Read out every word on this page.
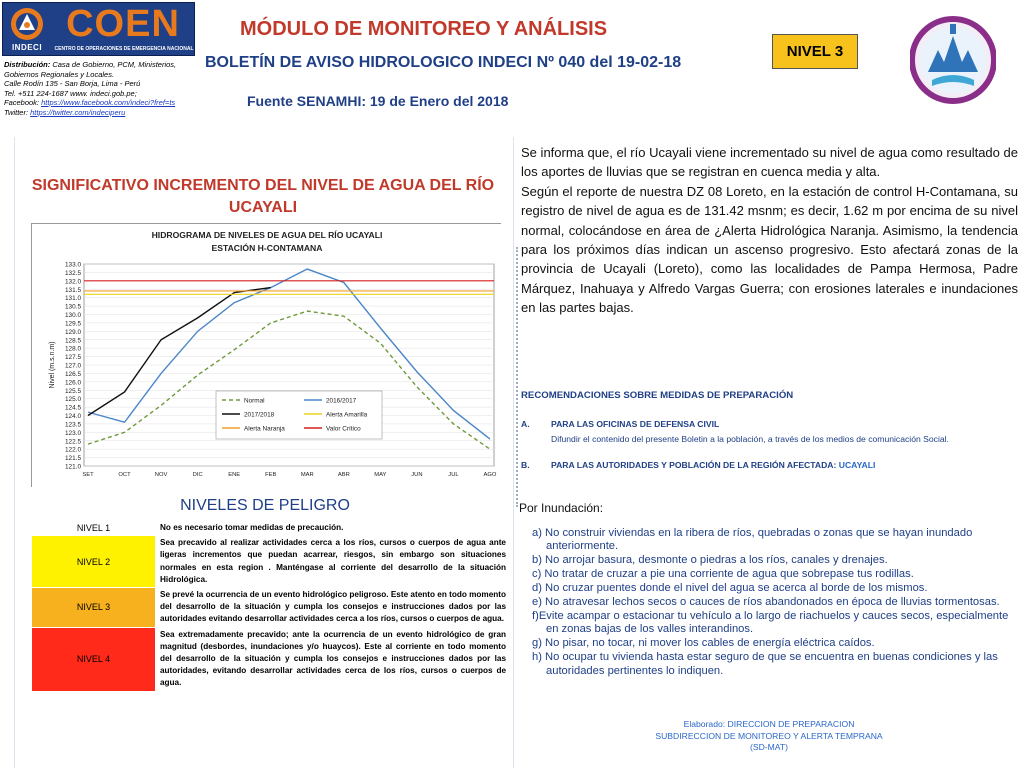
INDECI
COEN
CENTRO DE OPERACIONES DE EMERGENCIA NACIONAL
Distribución: Casa de Gobierno, PCM, Ministerios, Gobiernos Regionales y Locales.
Calle Rodín 135 - San Borja, Lima - Perú
Tel. +511 224-1687 www. indeci.gob.pe;
Facebook: https://www.facebook.com/indeci?fref=ts
Twitter: https://twitter.com/indeciperu
MÓDULO DE MONITOREO Y ANÁLISIS
BOLETÍN DE AVISO HIDROLOGICO INDECI Nº 040 del 19-02-18
Fuente SENAMHI: 19 de Enero del 2018
NIVEL 3
SIGNIFICATIVO INCREMENTO DEL NIVEL DE AGUA DEL RÍO UCAYALI
HIDROGRAMA DE NIVELES DE AGUA DEL RÍO UCAYALI
ESTACIÓN H-CONTAMANA
133.0
132.5
132.0
131.5
131.0
130.5
130.0
129.5
129.0
128.5
128.0
127.5
127.0
126.5
126.0
125.5
125.0
124.5
124.0
123.5
123.0
122.5
122.0
121.5
121.0
SET	OCT	NOV	DIC	ENE	FEB	MAR	ABR	MAY	JUN	JUL	AGO
Nivel (m.s.n.m)
Normal	2016/2017
2017/2018	Alerta Amarilla
Alerta Naranja	Valor Crítico
NIVELES DE PELIGRO
NIVEL 1	No es necesario tomar medidas de precaución.
NIVEL 2	Sea precavido al realizar actividades cerca a los ríos, cursos o cuerpos de agua ante ligeras incrementos que puedan acarrear, riesgos, sin embargo son situaciones normales en esta region . Manténgase al corriente del desarrollo de la situación Hidrológica.
NIVEL 3	Se prevé la ocurrencia de un evento hidrológico peligroso. Este atento en todo momento del desarrollo de la situación y cumpla los consejos e instrucciones dados por las autoridades evitando desarrollar actividades cerca a los ríos, cursos o cuerpos de agua.
NIVEL 4	Sea extremadamente precavido; ante la ocurrencia de un evento hidrológico de gran magnitud (desbordes, inundaciones y/o huaycos). Este al corriente en todo momento del desarrollo de la situación y cumpla los consejos e instrucciones dados por las autoridades, evitando desarrollar actividades cerca de los ríos, cursos o cuerpos de agua.

Se informa que, el río Ucayali viene incrementado su nivel de agua como resultado de los aportes de lluvias que se registran en cuenca media y alta.

Según el reporte de nuestra DZ 08 Loreto, en la estación de control H-Contamana, su registro de nivel de agua es de 131.42 msnm; es decir, 1.62 m por encima de su nivel normal, colocándose en área de ¿Alerta Hidrológica Naranja. Asimismo, la tendencia para los próximos días indican un ascenso progresivo. Esto afectará zonas de la provincia de Ucayali (Loreto), como las localidades de Pampa Hermosa, Padre Márquez, Inahuaya y Alfredo Vargas Guerra; con erosiones laterales e inundaciones en las partes bajas.

RECOMENDACIONES SOBRE MEDIDAS DE PREPARACIÓN
A. PARA LAS OFICINAS DE DEFENSA CIVIL
Difundir el contenido del presente Boletin a la población, a través de los medios de comunicación Social.
B. PARA LAS AUTORIDADES Y POBLACIÓN DE LA REGIÓN AFECTADA: UCAYALI
Por Inundación:
a) No construir viviendas en la ribera de ríos, quebradas o zonas que se hayan inundado anteriormente.
b) No arrojar basura, desmonte o piedras a los ríos, canales y drenajes.
c) No tratar de cruzar a pie una corriente de agua que sobrepase tus rodillas.
d) No cruzar puentes donde el nivel del agua se acerca al borde de los mismos.
e) No atravesar lechos secos o cauces de ríos abandonados en época de lluvias tormentosas.
f)Evite acampar o estacionar tu vehículo a lo largo de riachuelos y cauces secos, especialmente en zonas bajas de los valles interandinos.
g) No pisar, no tocar, ni mover los cables de energía eléctrica caídos.
h) No ocupar tu vivienda hasta estar seguro de que se encuentra en buenas condiciones y las autoridades pertinentes lo indiquen.
Elaborado: DIRECCION DE PREPARACION
SUBDIRECCION DE MONITOREO Y ALERTA TEMPRANA
(SD-MAT)
